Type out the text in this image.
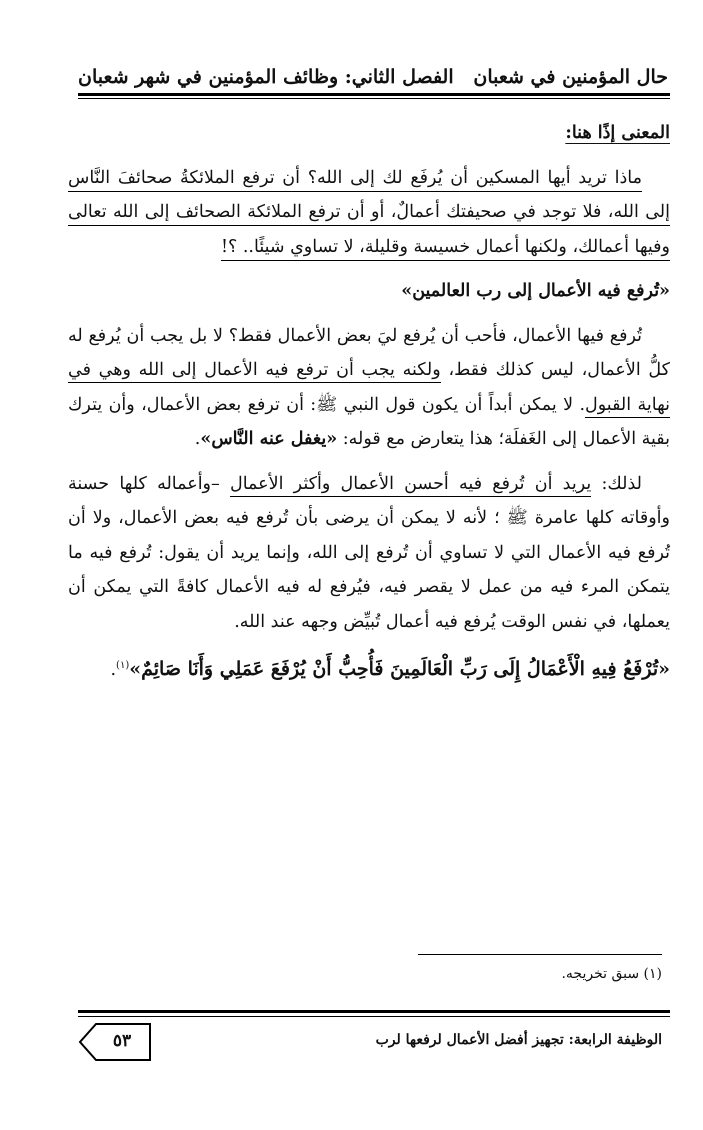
حال المؤمنين في شعبان
الفصل الثاني: وظائف المؤمنين في شهر شعبان

المعنى إذًا هنا:

ماذا تريد أيها المسكين أن يُرفَع لك إلى الله؟ أن ترفع الملائكةُ صحائفَ النَّاس إلى الله، فلا توجد في صحيفتك أعمالٌ، أو أن ترفع الملائكة الصحائف إلى الله تعالى وفيها أعمالك، ولكنها أعمال خسيسة وقليلة، لا تساوي شيئًا.. ؟!

«تُرفع فيه الأعمال إلى رب العالمين»

تُرفع فيها الأعمال، فأحب أن يُرفع ليَ بعض الأعمال فقط؟ لا بل يجب أن يُرفع له كلُّ الأعمال، ليس كذلك فقط، ولكنه يجب أن ترفع فيه الأعمال إلى الله وهي في نهاية القبول. لا يمكن أبداً أن يكون قول النبي ﷺ: أن ترفع بعض الأعمال، وأن يترك بقية الأعمال إلى الغَفلَة؛ هذا يتعارض مع قوله: «يغفل عنه النَّاس».

لذلك: يريد أن تُرفع فيه أحسن الأعمال وأكثر الأعمال –وأعماله كلها حسنة وأوقاته كلها عامرة ﷺ ؛ لأنه لا يمكن أن يرضى بأن تُرفع فيه بعض الأعمال، ولا أن تُرفع فيه الأعمال التي لا تساوي أن تُرفع إلى الله، وإنما يريد أن يقول: تُرفع فيه ما يتمكن المرء فيه من عمل لا يقصر فيه، فيُرفع له فيه الأعمال كافةً التي يمكن أن يعملها، في نفس الوقت يُرفع فيه أعمال تُبيِّض وجهه عند الله.

«تُرْفَعُ فِيهِ الْأَعْمَالُ إِلَى رَبِّ الْعَالَمِينَ فَأُحِبُّ أَنْ يُرْفَعَ عَمَلِي وَأَنَا صَائِمٌ»$^{(١)}$.

(١) سبق تخريجه.
٥٣	الوظيفة الرابعة: تجهيز أفضل الأعمال لرفعها لرب
